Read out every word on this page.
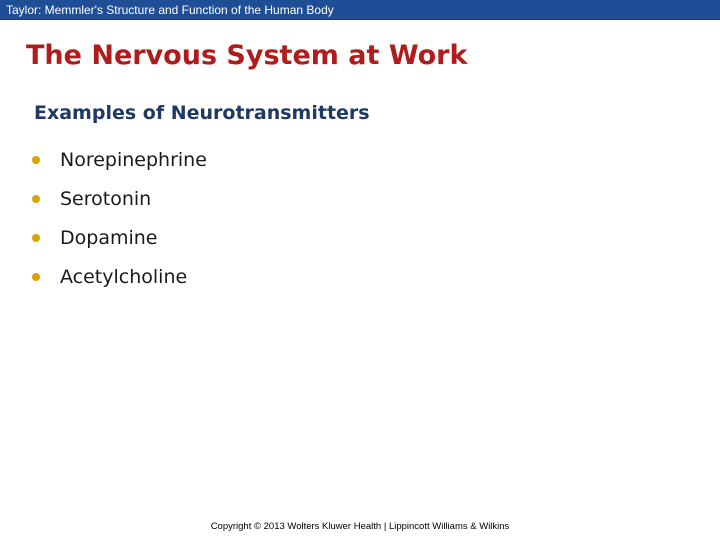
Taylor: Memmler's Structure and Function of the Human Body
The Nervous System at Work
Examples of Neurotransmitters
Norepinephrine
Serotonin
Dopamine
Acetylcholine
Copyright © 2013 Wolters Kluwer Health | Lippincott Williams & Wilkins
